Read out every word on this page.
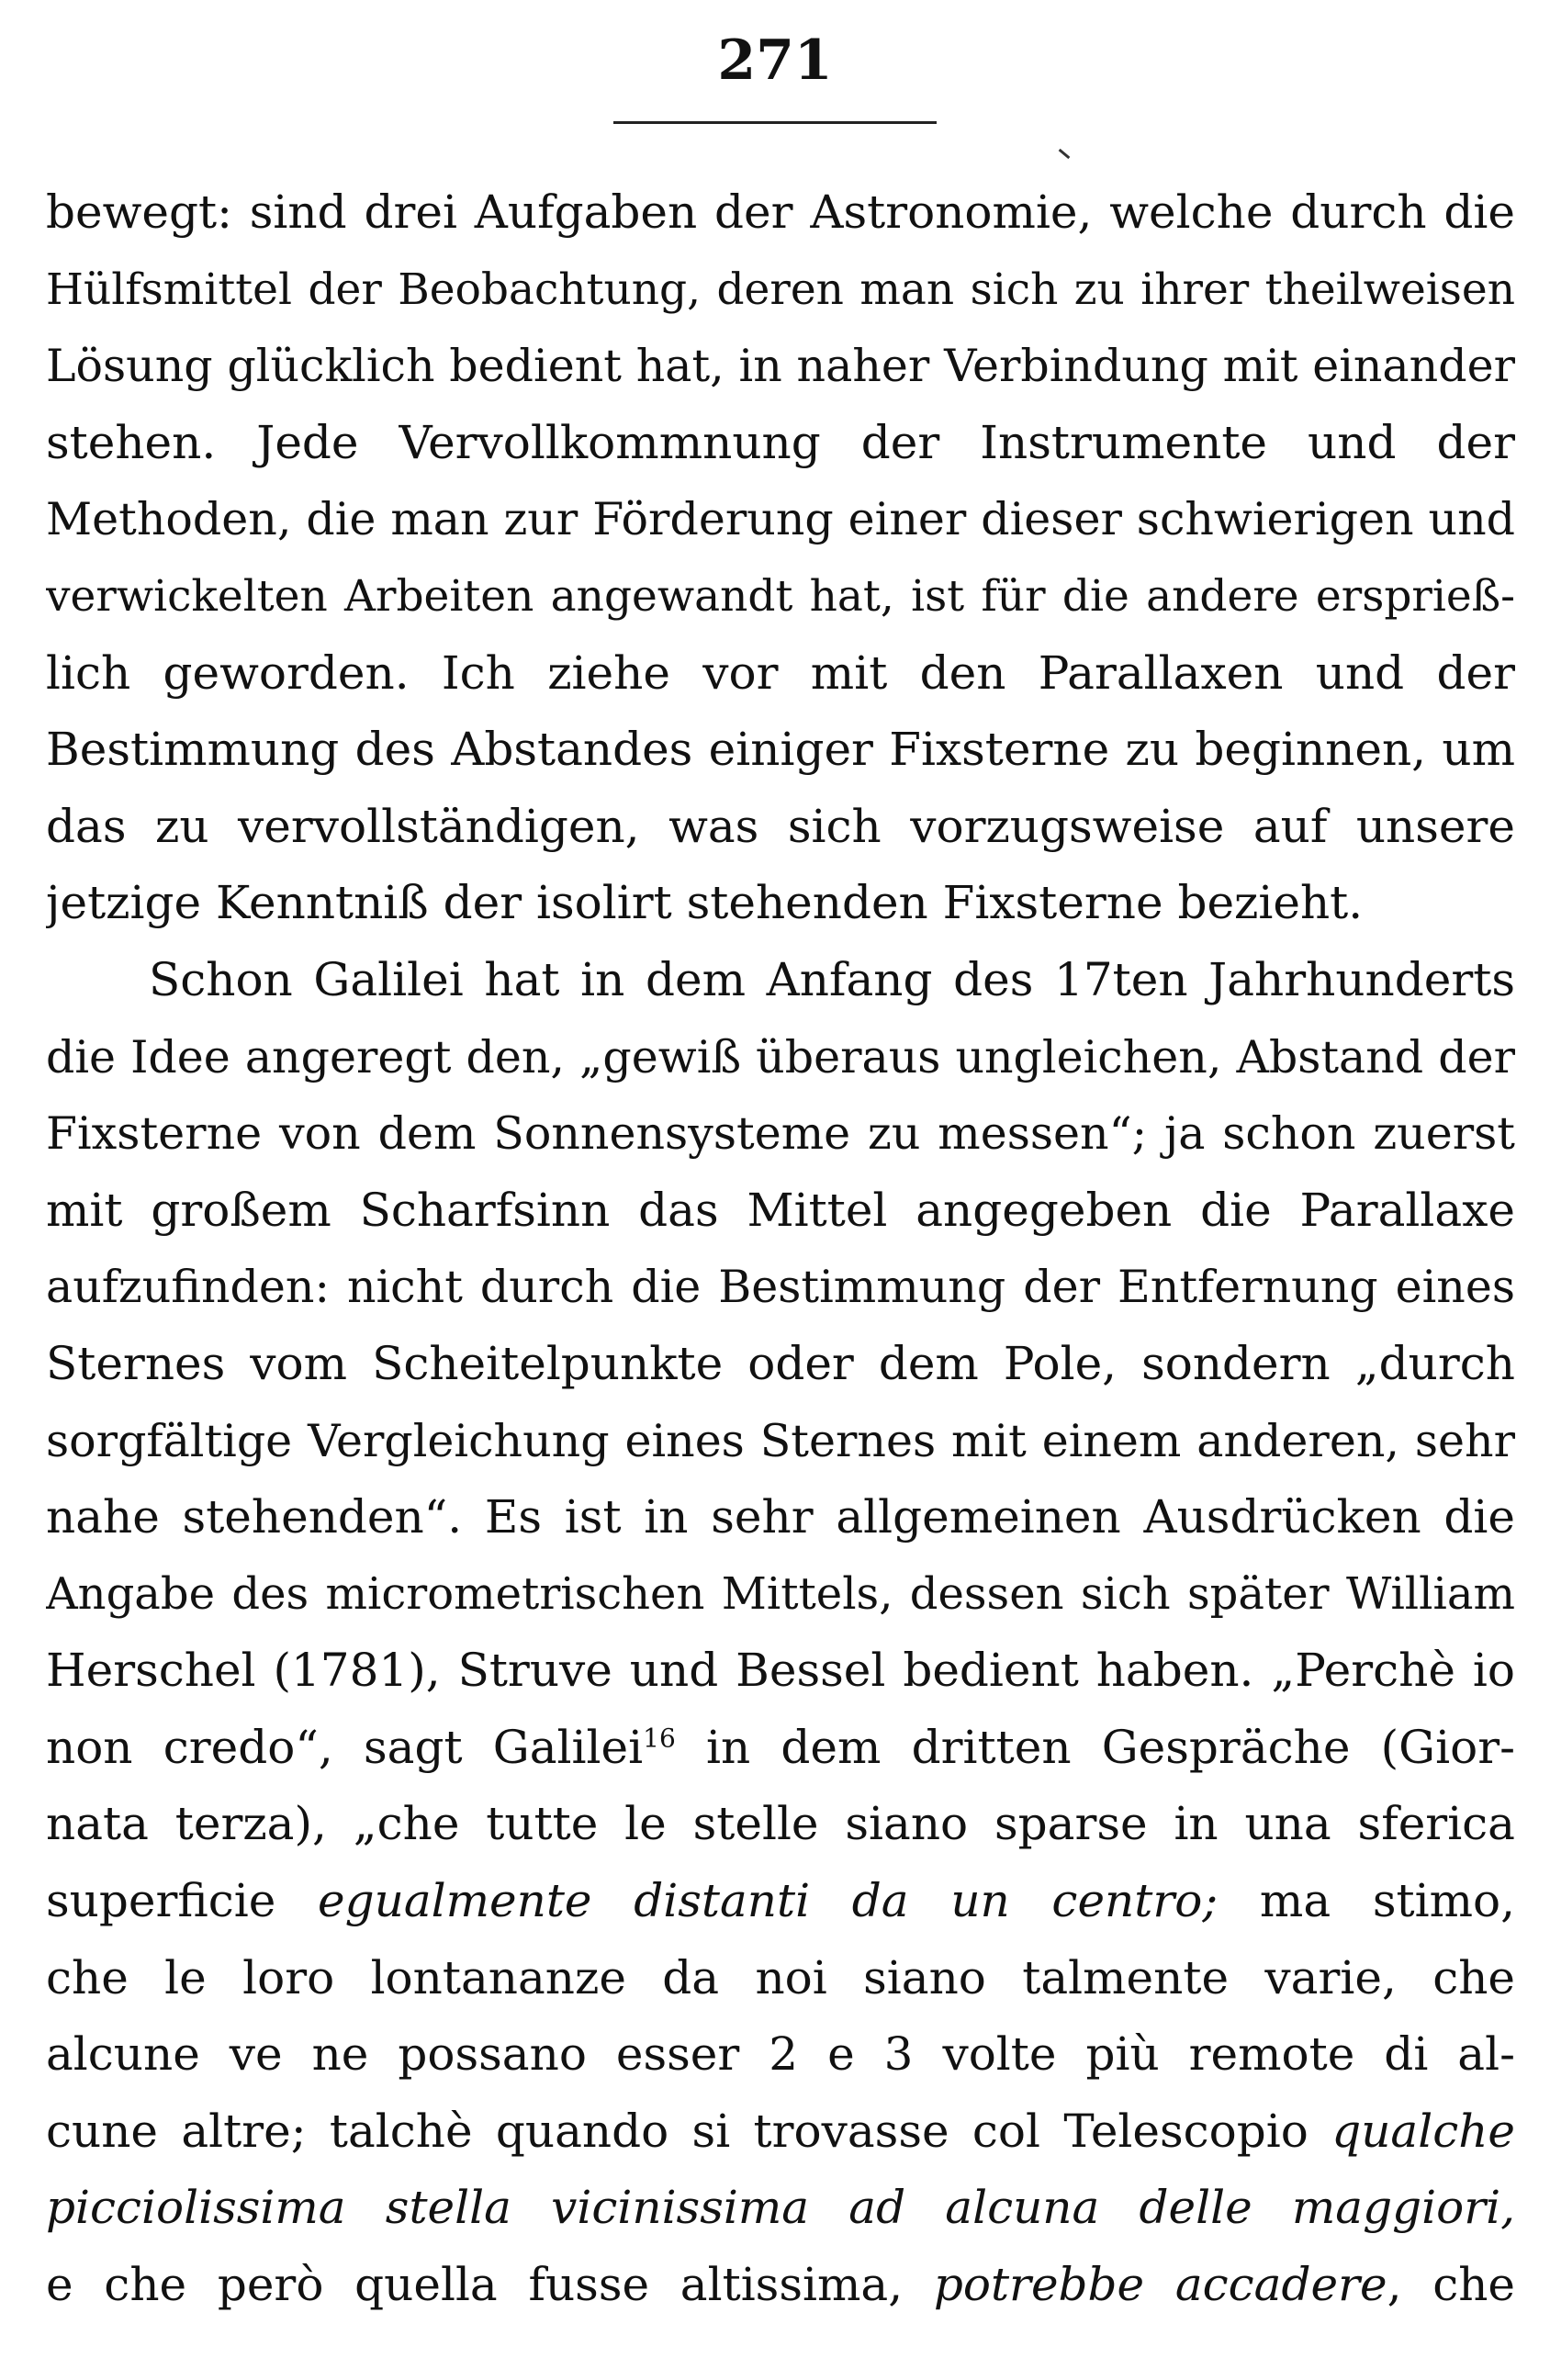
271
bewegt: sind drei Aufgaben der Astronomie, welche durch die
Hülfsmittel der Beobachtung, deren man sich zu ihrer theilweisen
Lösung glücklich bedient hat, in naher Verbindung mit einander
stehen. Jede Vervollkommnung der Instrumente und der
Methoden, die man zur Förderung einer dieser schwierigen und
verwickelten Arbeiten angewandt hat, ist für die andere ersprieß-
lich geworden. Ich ziehe vor mit den Parallaxen und der
Bestimmung des Abstandes einiger Fixsterne zu beginnen, um
das zu vervollständigen, was sich vorzugsweise auf unsere
jetzige Kenntniß der isolirt stehenden Fixsterne bezieht.
Schon Galilei hat in dem Anfang des 17ten Jahrhunderts
die Idee angeregt den, „gewiß überaus ungleichen, Abstand der
Fixsterne von dem Sonnensysteme zu messen“; ja schon zuerst
mit großem Scharfsinn das Mittel angegeben die Parallaxe
aufzufinden: nicht durch die Bestimmung der Entfernung eines
Sternes vom Scheitelpunkte oder dem Pole, sondern „durch
sorgfältige Vergleichung eines Sternes mit einem anderen, sehr
nahe stehenden“. Es ist in sehr allgemeinen Ausdrücken die
Angabe des micrometrischen Mittels, dessen sich später William
Herschel (1781), Struve und Bessel bedient haben. „Perchè io
non credo“, sagt Galilei$^{16}$ in dem dritten Gespräche (Gior-
nata terza), „che tutte le stelle siano sparse in una sferica
superficie egualmente distanti da un centro; ma stimo,
che le loro lontananze da noi siano talmente varie, che
alcune ve ne possano esser 2 e 3 volte più remote di al-
cune altre; talchè quando si trovasse col Telescopio qualche
picciolissima stella vicinissima ad alcuna delle maggiori,
e che però quella fusse altissima, potrebbe accadere, che
